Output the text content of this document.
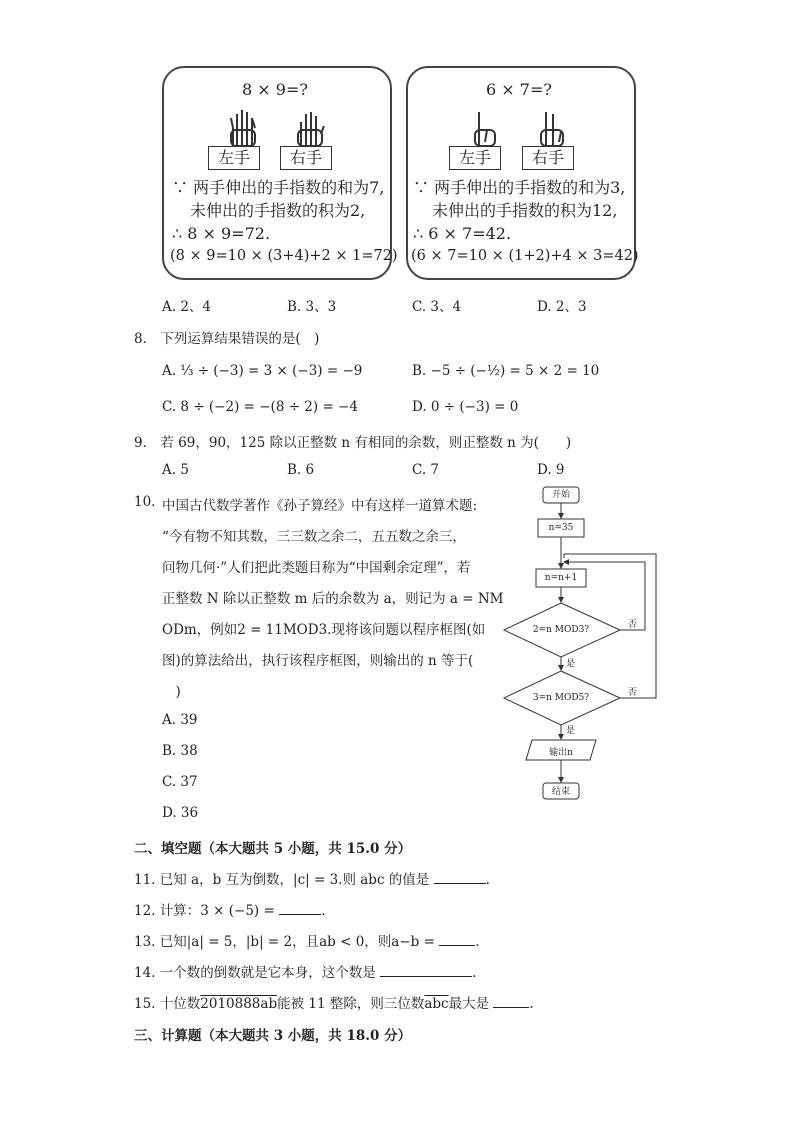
8 × 9=?
左手	右手
∵ 两手伸出的手指数的和为7,
未伸出的手指数的积为2,
∴ 8 × 9=72.
(8 × 9=10 × (3+4)+2 × 1=72)
6 × 7=?
左手	右手
∵ 两手伸出的手指数的和为3,
未伸出的手指数的积为12,
∴ 6 × 7=42.
(6 × 7=10 × (1+2)+4 × 3=42)
A. 2、4	B. 3、3	C. 3、4	D. 2、3
8.　下列运算结果错误的是(　)
A. ⅓ ÷ (−3) = 3 × (−3) = −9	B. −5 ÷ (−½) = 5 × 2 = 10
C. 8 ÷ (−2) = −(8 ÷ 2) = −4	D. 0 ÷ (−3) = 0
9.　若 69，90，125 除以正整数 n 有相同的余数，则正整数 n 为(　　)
A. 5	B. 6	C. 7	D. 9
10. 中国古代数学著作《孙子算经》中有这样一道算术题:
“今有物不知其数，三三数之余二，五五数之余三，
问物几何·”人们把此类题目称为“中国剩余定理”，若
正整数 N 除以正整数 m 后的余数为 a，则记为 a = NM
ODm，例如2 = 11MOD3.现将该问题以程序框图(如
图)的算法给出，执行该程序框图，则输出的 n 等于(
　)
A. 39
B. 38
C. 37
D. 36
开始
n=35
n=n+1
2=n MOD3?
3=n MOD5?
输出n
结束
否
否
是
是
二、填空题（本大题共 5 小题，共 15.0 分）
11. 已知 a，b 互为倒数，|c| = 3.则 abc 的值是	.
12. 计算：3 × (−5) =	.
13. 已知|a| = 5，|b| = 2，且ab < 0，则a−b =	.
14. 一个数的倒数就是它本身，这个数是	.
15. 十位数2010888ab能被 11 整除，则三位数$\overline{abc}$最大是	.
三、计算题（本大题共 3 小题，共 18.0 分）
